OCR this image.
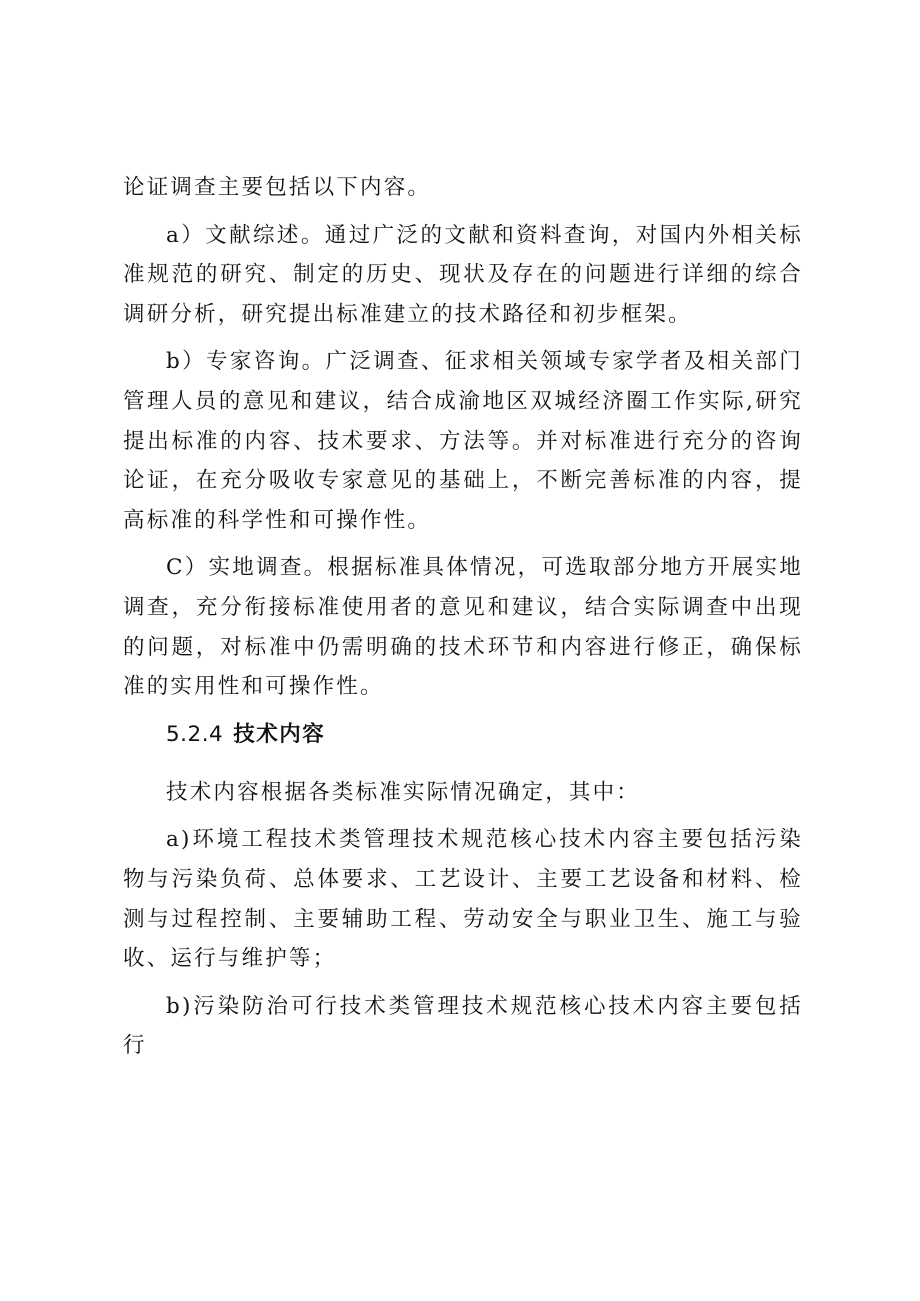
论证调查主要包括以下内容。

a）文献综述。通过广泛的文献和资料查询，对国内外相关标准规范的研究、制定的历史、现状及存在的问题进行详细的综合调研分析，研究提出标准建立的技术路径和初步框架。

b）专家咨询。广泛调查、征求相关领域专家学者及相关部门管理人员的意见和建议，结合成渝地区双城经济圈工作实际,研究提出标准的内容、技术要求、方法等。并对标准进行充分的咨询论证，在充分吸收专家意见的基础上，不断完善标准的内容，提高标准的科学性和可操作性。

C）实地调查。根据标准具体情况，可选取部分地方开展实地调查，充分衔接标准使用者的意见和建议，结合实际调查中出现的问题，对标准中仍需明确的技术环节和内容进行修正，确保标准的实用性和可操作性。

5.2.4 技术内容

技术内容根据各类标准实际情况确定，其中：

a)环境工程技术类管理技术规范核心技术内容主要包括污染物与污染负荷、总体要求、工艺设计、主要工艺设备和材料、检测与过程控制、主要辅助工程、劳动安全与职业卫生、施工与验收、运行与维护等；

b)污染防治可行技术类管理技术规范核心技术内容主要包括行
